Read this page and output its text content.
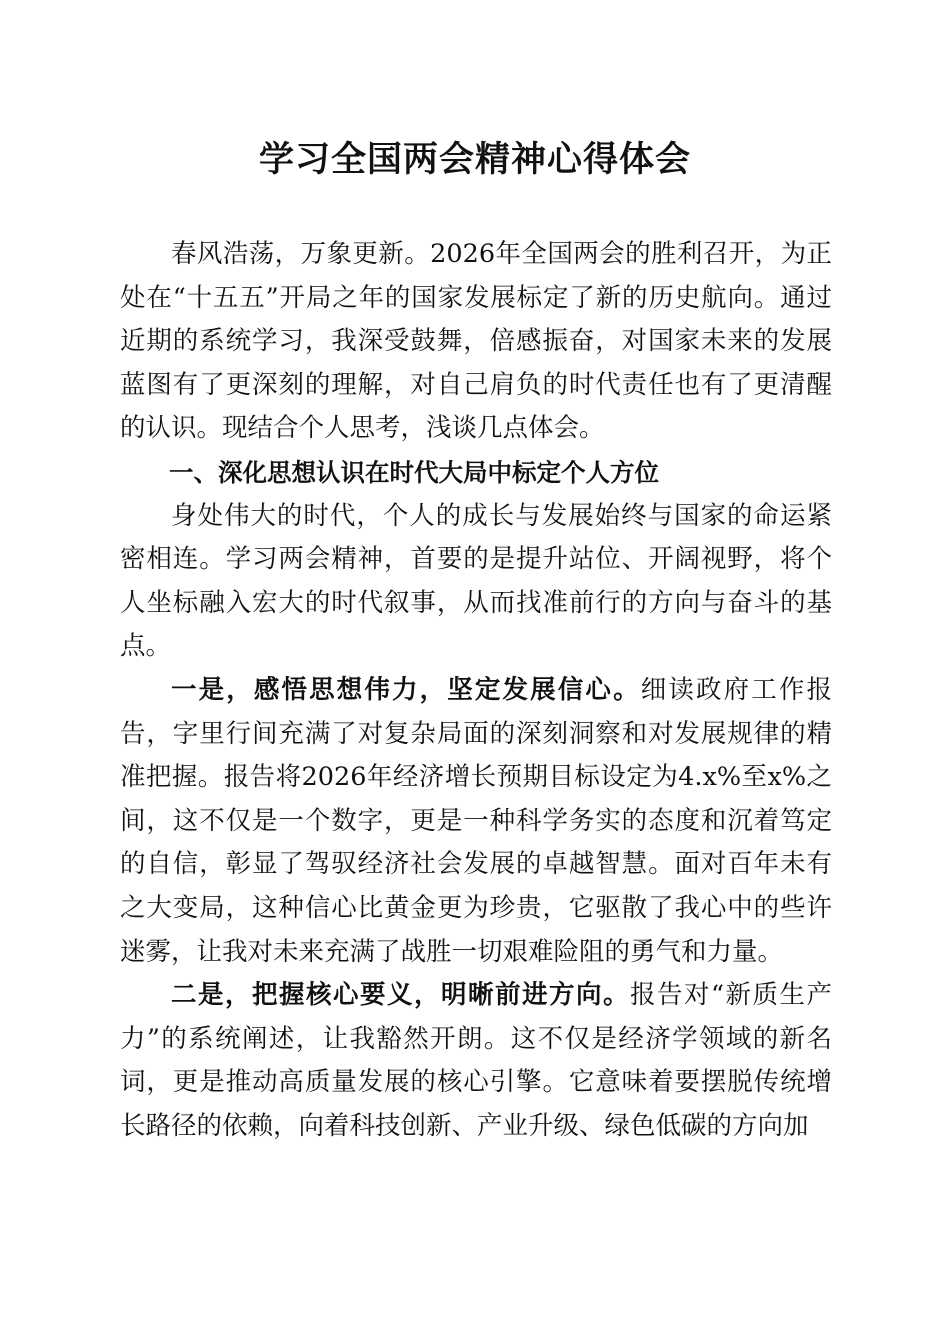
学习全国两会精神心得体会

春风浩荡，万象更新。2026年全国两会的胜利召开，为正处在“十五五”开局之年的国家发展标定了新的历史航向。通过近期的系统学习，我深受鼓舞，倍感振奋，对国家未来的发展蓝图有了更深刻的理解，对自己肩负的时代责任也有了更清醒的认识。现结合个人思考，浅谈几点体会。

一、深化思想认识在时代大局中标定个人方位

身处伟大的时代，个人的成长与发展始终与国家的命运紧密相连。学习两会精神，首要的是提升站位、开阔视野，将个人坐标融入宏大的时代叙事，从而找准前行的方向与奋斗的基点。

一是，感悟思想伟力，坚定发展信心。细读政府工作报告，字里行间充满了对复杂局面的深刻洞察和对发展规律的精准把握。报告将2026年经济增长预期目标设定为4.x%至x%之间，这不仅是一个数字，更是一种科学务实的态度和沉着笃定的自信，彰显了驾驭经济社会发展的卓越智慧。面对百年未有之大变局，这种信心比黄金更为珍贵，它驱散了我心中的些许迷雾，让我对未来充满了战胜一切艰难险阻的勇气和力量。

二是，把握核心要义，明晰前进方向。报告对“新质生产力”的系统阐述，让我豁然开朗。这不仅是经济学领域的新名词，更是推动高质量发展的核心引擎。它意味着要摆脱传统增长路径的依赖，向着科技创新、产业升级、绿色低碳的方向加
